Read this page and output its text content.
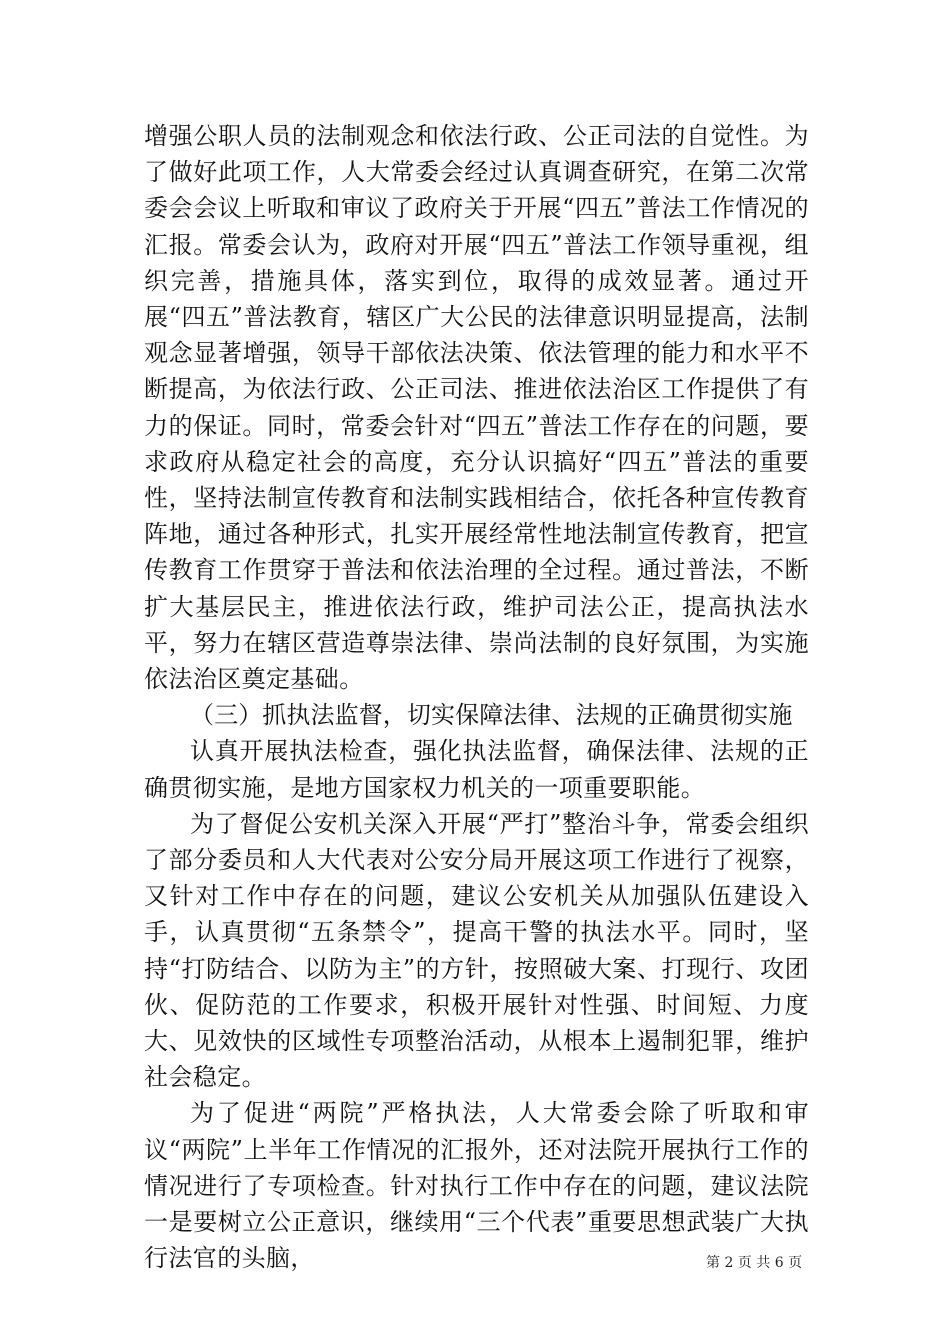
增强公职人员的法制观念和依法行政、公正司法的自觉性。为了做好此项工作，人大常委会经过认真调查研究，在第二次常委会会议上听取和审议了政府关于开展“四五”普法工作情况的汇报。常委会认为，政府对开展“四五”普法工作领导重视，组织完善，措施具体，落实到位，取得的成效显著。通过开展“四五”普法教育，辖区广大公民的法律意识明显提高，法制观念显著增强，领导干部依法决策、依法管理的能力和水平不断提高，为依法行政、公正司法、推进依法治区工作提供了有力的保证。同时，常委会针对“四五”普法工作存在的问题，要求政府从稳定社会的高度，充分认识搞好“四五”普法的重要性，坚持法制宣传教育和法制实践相结合，依托各种宣传教育阵地，通过各种形式，扎实开展经常性地法制宣传教育，把宣传教育工作贯穿于普法和依法治理的全过程。通过普法，不断扩大基层民主，推进依法行政，维护司法公正，提高执法水平，努力在辖区营造尊崇法律、崇尚法制的良好氛围，为实施依法治区奠定基础。

（三）抓执法监督，切实保障法律、法规的正确贯彻实施

认真开展执法检查，强化执法监督，确保法律、法规的正确贯彻实施，是地方国家权力机关的一项重要职能。

为了督促公安机关深入开展“严打”整治斗争，常委会组织了部分委员和人大代表对公安分局开展这项工作进行了视察，又针对工作中存在的问题，建议公安机关从加强队伍建设入手，认真贯彻“五条禁令”，提高干警的执法水平。同时，坚持“打防结合、以防为主”的方针，按照破大案、打现行、攻团伙、促防范的工作要求，积极开展针对性强、时间短、力度大、见效快的区域性专项整治活动，从根本上遏制犯罪，维护社会稳定。

为了促进“两院”严格执法，人大常委会除了听取和审议“两院”上半年工作情况的汇报外，还对法院开展执行工作的情况进行了专项检查。针对执行工作中存在的问题，建议法院一是要树立公正意识，继续用“三个代表”重要思想武装广大执行法官的头脑，	第 2 页 共 6 页
